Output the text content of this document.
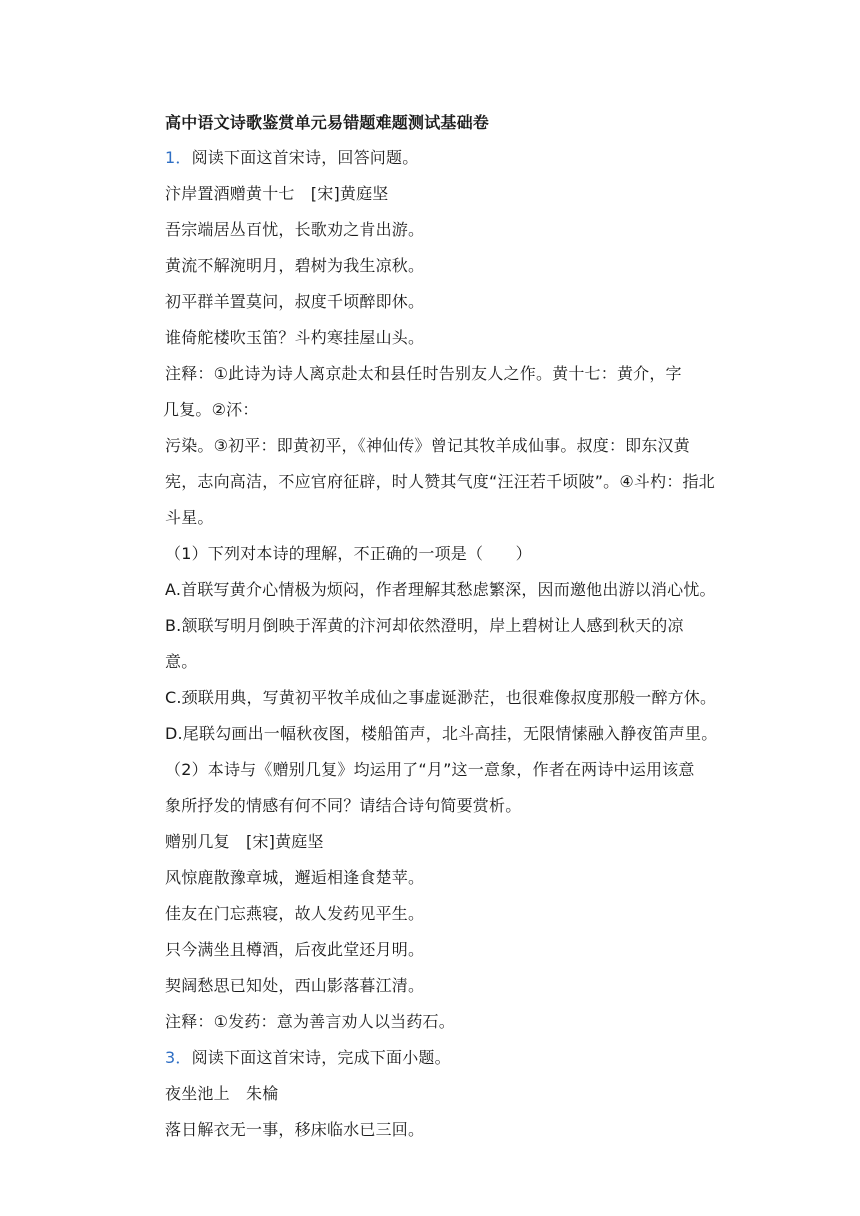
高中语文诗歌鉴赏单元易错题难题测试基础卷
1．阅读下面这首宋诗，回答问题。
汴岸置酒赠黄十七　[宋]黄庭坚
吾宗端居丛百忧，长歌劝之肯出游。
黄流不解涴明月，碧树为我生凉秋。
初平群羊置莫问，叔度千顷醉即休。
谁倚舵楼吹玉笛？斗杓寒挂屋山头。
注释：①此诗为诗人离京赴太和县任时告别友人之作。黄十七：黄介，字
几复。②㳅：
污染。③初平：即黄初平，《神仙传》曾记其牧羊成仙事。叔度：即东汉黄
宪，志向高洁，不应官府征辟，时人赞其气度“汪汪若千顷陂”。④斗杓：指北
斗星。
（1）下列对本诗的理解，不正确的一项是（　　）
A.首联写黄介心情极为烦闷，作者理解其愁虑繁深，因而邀他出游以消心忧。
B.颔联写明月倒映于浑黄的汴河却依然澄明，岸上碧树让人感到秋天的凉
意。
C.颈联用典，写黄初平牧羊成仙之事虚诞渺茫，也很难像叔度那般一醉方休。
D.尾联勾画出一幅秋夜图，楼船笛声，北斗高挂，无限情愫融入静夜笛声里。
（2）本诗与《赠别几复》均运用了“月”这一意象，作者在两诗中运用该意
象所抒发的情感有何不同？请结合诗句简要赏析。
赠别几复　[宋]黄庭坚
风惊鹿散豫章城，邂逅相逢食楚苹。
佳友在门忘燕寝，故人发药见平生。
只今满坐且樽酒，后夜此堂还月明。
契阔愁思已知处，西山影落暮江清。
注释：①发药：意为善言劝人以当药石。
3．阅读下面这首宋诗，完成下面小题。
夜坐池上　朱棆
落日解衣无一事，移床临水已三回。
